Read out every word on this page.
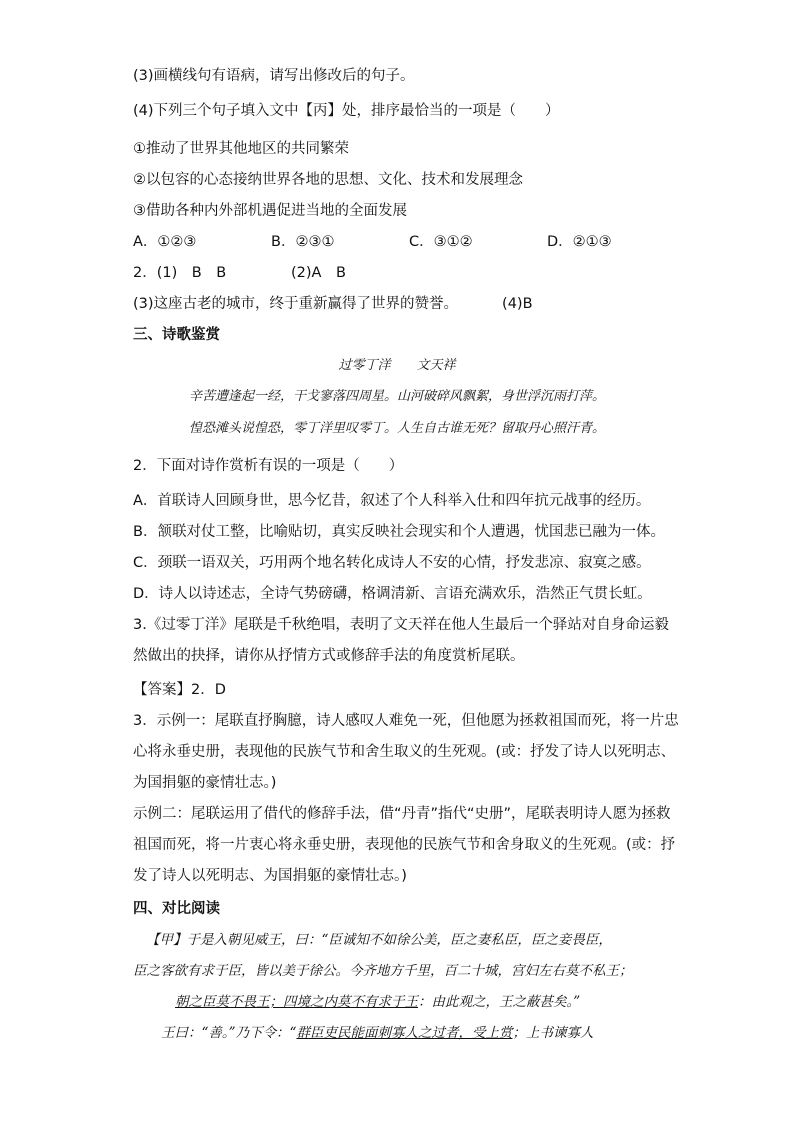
(3)画横线句有语病，请写出修改后的句子。
(4)下列三个句子填入文中【丙】处，排序最恰当的一项是（　　）
①推动了世界其他地区的共同繁荣
②以包容的心态接纳世界各地的思想、文化、技术和发展理念
③借助各种内外部机遇促进当地的全面发展
A．①②③	B．②③①	C．③①②	D．②①③
2．(1)　B　B	(2)A　B
(3)这座古老的城市，终于重新赢得了世界的赞誉。	(4)B
三、诗歌鉴赏
过零丁洋　　文天祥
辛苦遭逢起一经，干戈寥落四周星。山河破碎风飘絮，身世浮沉雨打萍。
惶恐滩头说惶恐，零丁洋里叹零丁。人生自古谁无死？留取丹心照汗青。
2．下面对诗作赏析有误的一项是（　　）
A．首联诗人回顾身世，思今忆昔，叙述了个人科举入仕和四年抗元战事的经历。
B．颔联对仗工整，比喻贴切，真实反映社会现实和个人遭遇，忧国悲已融为一体。
C．颈联一语双关，巧用两个地名转化成诗人不安的心情，抒发悲凉、寂寞之感。
D．诗人以诗述志，全诗气势磅礴，格调清新、言语充满欢乐，浩然正气贯长虹。
3.《过零丁洋》尾联是千秋绝唱，表明了文天祥在他人生最后一个驿站对自身命运毅
然做出的抉择，请你从抒情方式或修辞手法的角度赏析尾联。
【答案】2．D
3．示例一：尾联直抒胸臆，诗人感叹人难免一死，但他愿为拯救祖国而死，将一片忠
心将永垂史册，表现他的民族气节和舍生取义的生死观。(或：抒发了诗人以死明志、
为国捐躯的豪情壮志。)
示例二：尾联运用了借代的修辞手法，借“丹青”指代“史册”，尾联表明诗人愿为拯救
祖国而死，将一片衷心将永垂史册，表现他的民族气节和舍身取义的生死观。(或：抒
发了诗人以死明志、为国捐躯的豪情壮志。)
四、对比阅读
【甲】于是入朝见威王，曰：“臣诚知不如徐公美，臣之妻私臣，臣之妾畏臣，
臣之客欲有求于臣，皆以美于徐公。今齐地方千里，百二十城，宫妇左右莫不私王；
朝之臣莫不畏王；四境之内莫不有求于王：由此观之，王之蔽甚矣。”
王曰：“善。”乃下令：“群臣吏民能面刺寡人之过者，受上赏；上书谏寡人
